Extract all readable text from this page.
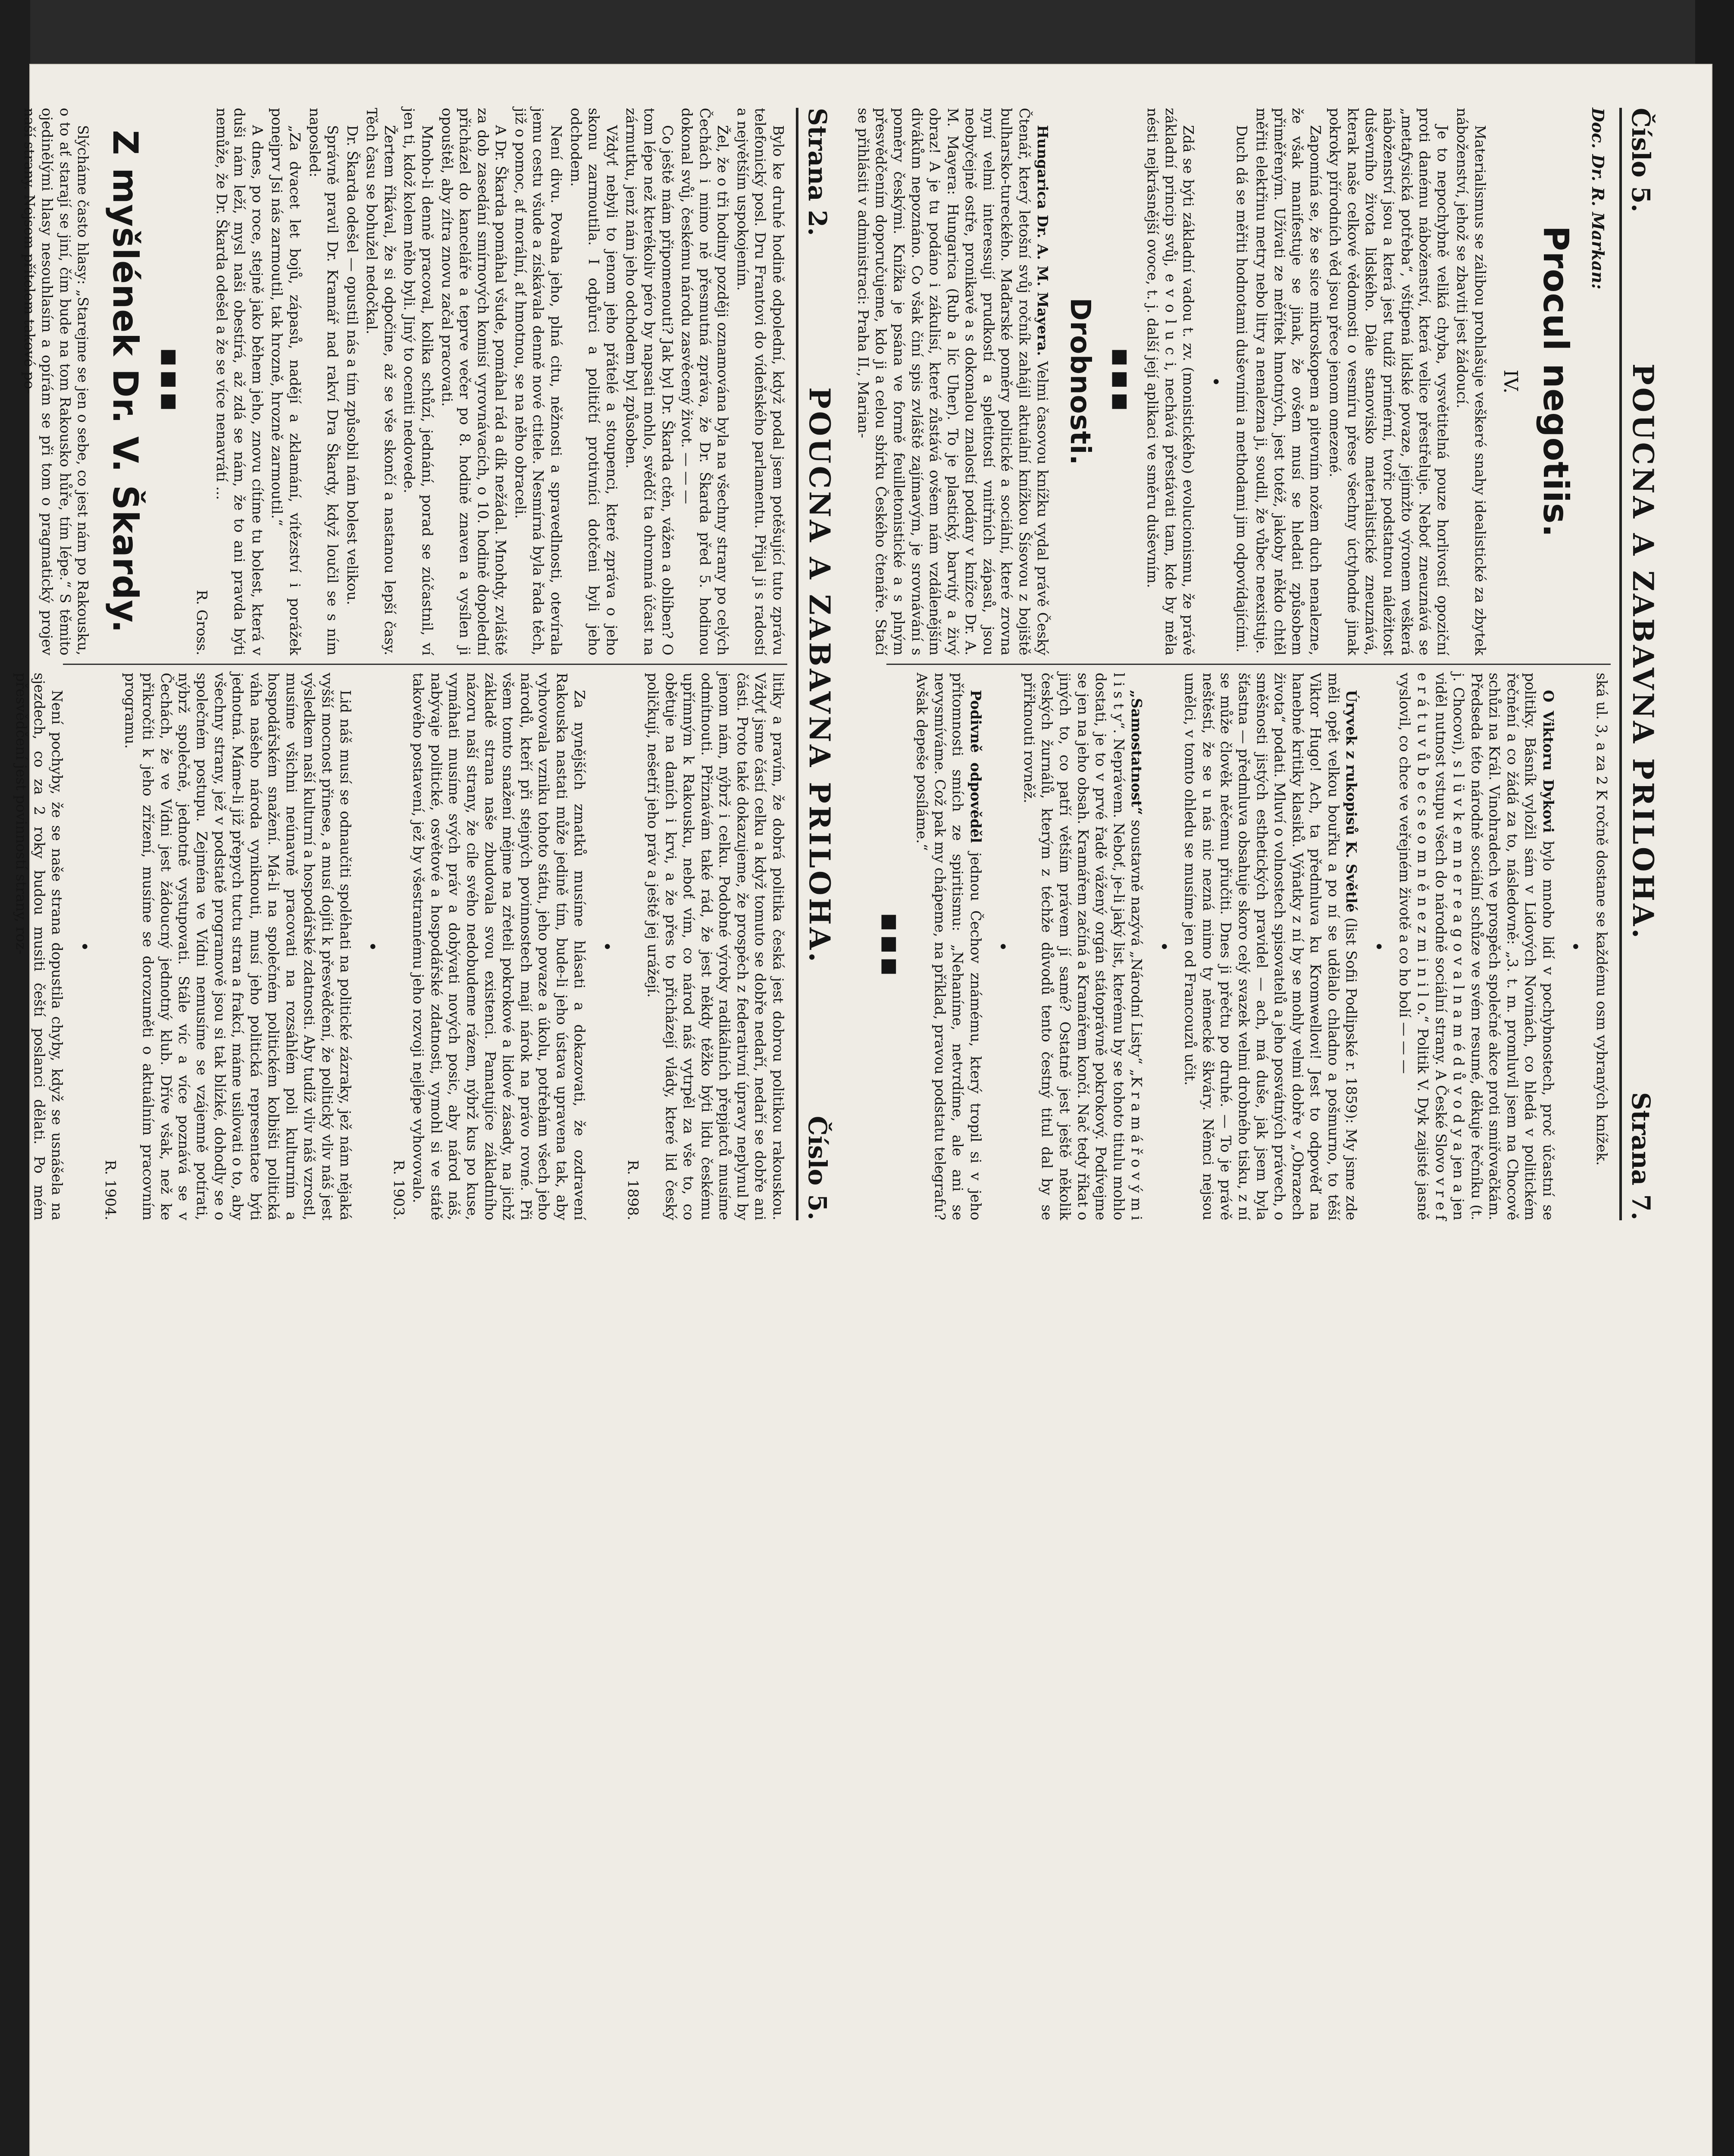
Strana 2.
POUCNA A ZABAVNA PRILOHA.
Číslo 5.

Bylo ke druhé hodině odpolední, když podal jsem potěšující tuto zprávu telefonický posl. Dru Frantovi do vídeňského parlamentu. Přijal ji s radostí a největším uspokojením.

Žel, že o tři hodiny později oznamována byla na všechny strany po celých Čechách i mimo ně přesmutná zpráva, že Dr. Škarda před 5. hodinou dokonal svůj, českému národu zasvěcený život. — — —

Co ještě mám připomenouti? Jak byl Dr. Škarda ctěn, vážen a oblíben? O tom lépe než kterékoliv péro by napsati mohlo, svědčí ta ohromná účast na zármutku, jenž nám jeho odchodem byl způsoben.

Vždyť nebyli to jenom jeho přátelé a stoupenci, které zpráva o jeho skonu zarmoutila. I odpůrci a političtí protivníci dotčeni byli jeho odchodem.

Není divu. Povaha jeho, plná citu, něžnosti a spravedlnosti, otevírala jemu cestu všude a získávala denně nové ctitele. Nesmírná byla řada těch, již o pomoc, ať morální, ať hmotnou, se na něho obraceli.

A Dr. Škarda pomáhal všude, pomáhal rád a dík nežádal. Mnohdy, zvláště za dob zasedání smírnových komisí vyrovnávacích, o 10. hodině dopolední přicházel do kanceláře a teprve večer po 8. hodině znaven a vysílen ji opouštěl, aby zítra znovu začal pracovati.

Mnoho-li denně pracoval, kolika schůzí, jednání, porad se zúčastnil, ví jen ti, kdož kolem něho byli. Jiný to oceniti nedovede.

Žertem říkával, že si odpočine, až se vše skončí a nastanou lepší časy. Těch času se bohužel nedočkal.

Dr. Škarda odešel — opustil nás a tím způsobil nám bolest velikou.

Správně pravil Dr. Kramář nad rakví Dra Škardy, když loučil se s ním naposled:

„Za dvacet let bojů, zápasů, nadějí a zklamání, vítězství i porážek ponejprv Jsi nás zarmoutil, tak hrozně, hrozně zarmoutil.“

A dnes, po roce, stejně jako během jeho, znovu cítíme tu bolest, která v duši nám leží, mysl naši obestírá, až zdá se nám, že to ani pravda býti nemůže, že Dr. Škarda odešel a že se více nenavrátí ...

R. Gross.

■■■
Z myšlének Dr. V. Škardy.

Slýcháme často hlasy: „Starejme se jen o sebe, co jest nám po Rakousku, o to ať starají se jiní, čím bude na tom Rakousko hůře, tím lépe.“ S těmito ojedinělými hlasy nesouhlasím a opírám se při tom o pragmatický projev naší strany. Nejsem přítelem takové po-

litiky a pravím, že dobrá politika česká jest dobrou politikou rakouskou. Vždyť jsme částí celku a když tomuto se dobře nedaří, nedaří se dobře ani části. Proto také dokazujeme, že prospěch z federativní úpravy neplynul by jenom nám, nýbrž i celku. Podobné výroky radikálních přepjatců musíme odmítnouti. Přiznávám také rád, že jest někdy těžko býti lidu českému upřímným k Rakousku, neboť vím, co národ náš vytrpěl za vše to, co obětuje na daních i krvi, a že přes to přicházejí vlády, které lid český poličkují, nešetří jeho práv a ještě jej urážejí.

R. 1898.

•

Za nynějších zmatků musíme hlásati a dokazovati, že ozdravení Rakouska nastati může jedině tím, bude-li jeho ústava upravena tak, aby vyhovovala vzniku tohoto státu, jeho povaze a úkolu, potřebám všech jeho národů, kteří při stejných povinnostech mají nárok na právo rovné. Při všem tomto snažení mějme na zřeteli pokrokové a lidové zásady, na jichž základě strana naše zbudovala svou existenci. Pamatujíce základního názoru naší strany, že cíle svého nedobudeme rázem, nýbrž kus po kuse, vymáhati musíme svých práv a dobývati nových posic, aby národ náš, nabývaje politické, osvětové a hospodářské zdatnosti, vymohl si ve státě takového postavení, jež by všestrannému jeho rozvoji nejlépe vyhovovalo.

R. 1903.

•

Lid náš musí se odnaučiti spoléhati na politické zázraky, jež nám nějaká vyšší mocnost přinese, a musí dojíti k přesvědčení, že politický vliv náš jest výsledkem naší kulturní a hospodářské zdatnosti. Aby tudíž vliv náš vzrostl, musíme všichni neúnavně pracovati na rozsáhlém poli kulturním a hospodářském snažení. Má-li na společném politickém kolbišti politická váha našeho národa vyniknouti, musí jeho politická representace býti jednotná. Máme-li již přepych tuctu stran a frakcí, máme usilovati o to, aby všechny strany, jež v podstatě programově jsou si tak blízké, dohodly se o společném postupu. Zejména ve Vídni nemusíme se vzájemně potírati, nýbrž společně, jednotně vystupovati. Stále víc a více poznává se v Čechách, že ve Vídni jest žádoucný jednotný klub. Dříve však, než ke přikročíti k jeho zřízení, musíme se dorozuměti o aktuálním pracovním programu.

R. 1904.

•

Není pochyby, že se naše strana dopustila chyby, když se usnášela na sjezdech, co za 2 roky budou musiti čeští poslanci dělati. Po mém přesvědčení jest povinností strany, roz-

Číslo 5.
POUCNA A ZABAVNA PRILOHA.
Strana 7.
Doc. Dr. R. Markan:
Procul negotiis.
IV.

Materialismus se zálibou prohlašuje veškeré snahy idealistické za zbytek náboženství, jehož se zbaviti jest žádoucí.

Je to nepochybně veliká chyba, vysvětitelná pouze horlivostí opoziční proti danému náboženství, která velice přestřeluje. Neboť zneuznává se „metafysická potřeba“, vštípená lidské povaze, jejímžto výronem veškerá náboženství jsou a která jest tudíž primérní, tvořic podstatnou náležitost duševního života lidského. Dále stanovisko materialistické zneuznává, kterak naše celkové vědomosti o vesmíru přese všechny úctyhodné jinak pokroky přírodních věd jsou přece jenom omezené.

Zapomíná se, že se sice mikroskopem a pitevním nožem duch nenalezne, že však manifestuje se jinak, že ovšem musí se hledati způsobem přiměřeným. Užívati ze měřítek hmotných, jest totéž, jakoby někdo chtěl měřiti elektřinu metry nebo litry a nenalezna ji, soudil, že vůbec neexistuje.

Duch dá se měřiti hodnotami duševními a methodami jim odpovídajícími.

•

Zdá se býti základní vadou t. zv. (monistického) evolucionismu, že právě základní princip svůj, e v o l u c i, nechává přestávati tam, kde by měla nésti nejkrásnější ovoce, t. j. další její aplikaci ve směru duševním.

■■■
Drobnosti.

Hungarica Dr. A. M. Mayera. Velmi časovou knížku vydal právě Český Čtenář, který letošní svůj ročník zahájil aktuální knížkou Šísovou z bojiště bulharsko-tureckého. Maďarské poměry politické a sociální, které zrovna nyní velmi interessují prudkostí a spletitostí vnitřních zápasů, jsou neobyčejně ostře, pronikavě a s dokonalou znalostí podány v knížce Dr. A. M. Mayera: Hungarica (Rub a líc Uher). To je plastický, barvitý a živý obraz! A je tu podáno i zákulisí, které zůstává ovšem nám vzdálenějším divákům nepoznáno. Co však činí spis zvláště zajímavým, je srovnávání s poměry českými. Knížka je psána ve formě feuilletonistické a s plným přesvědčením doporučujeme, kdo ji a celou sbírku Českého čtenáře. Stačí se přihlásiti v administraci: Praha II., Marian-

ská ul. 3, a za 2 K ročně dostane se každému osm vybraných knížek.

•

O Viktoru Dykovi bylo mnoho lidí v pochybnostech, proč účastní se politiky. Básník vyložil sám v Lidových Novinách, co hledá v politickém řečnění a co žádá za to, následovně: „3. t. m. promluvil jsem na Chocově schůzi na Král. Vinohradech ve prospěch společné akce proti smiřovačkám. Předseda této národně sociální schůze ve svém resumé, děkuje řečníku (t. j. Chocovi), s l ü v k e m n e r e a g o v a l n a m é d ů v o d y a jen a jen viděl nutnost vstupu všech do národně sociální strany. A České Slovo v r e f e r á t u v ů b e c s e o m n ě n e z m i n i l o.“ Politik V. Dyk zajisté jasně vyslovil, co chce ve veřejném životě a co ho bolí — — —

•

Úryvek z rukopisů K. Světlé (list Sofii Podlipské r. 1859): My jsme zde měli opět velkou bouřku a po ní se udělalo chladno a pošmurno, to těší Viktor Hugo! Ach, ta předmluva ku Kromwellovi! Jest to odpověď na hanebné kritiky klasiků. Výňatky z ní by se mohly velmi dobře v „Obrazech života“ podati. Mluví o volnostech spisovatelů a jeho posvátných právech, o směšnosti jistých esthetických pravidel — ach, má duše, jak jsem byla šťastna — předmluva obsahuje skoro celý svazek velmi drobného tisku, z ní se může člověk něčemu přiučiti. Dnes ji přečtu po druhé. — To je právě neštěstí, že se u nás nic nezná mimo ty německé škváry. Němci nejsou umělci, v tomto ohledu se musíme jen od Francouzů učit.

•

„Samostatnost“ soustavně nazývá „Národní Listy“ „K r a m á ř o v ý m i l i s t y“. Neprávem. Neboť, je-li jaký list, kterému by se tohoto titulu mohlo dostati, je to v prvé řadě vážený orgán státoprávně pokrokový. Podívejme se jen na jeho obsah. Kramářem začíná a Kramářem končí. Nač tedy říkat o jiných to, co patří větším právem jí samé? Ostatně jest ještě několik českých žurnálů, kterým z téchže důvodů tento čestný titul dal by se přiřknouti rovněž.

•

Podivně odpověděl jednou Čechov známému, který tropil si v jeho přítomnosti smích ze spiritismu: „Nehaníme, netvrdíme, ale ani se nevysmíváme. Což pak my chápeme, na příklad, pravou podstatu telegrafu? Avšak depeše posíláme.“

■■■
